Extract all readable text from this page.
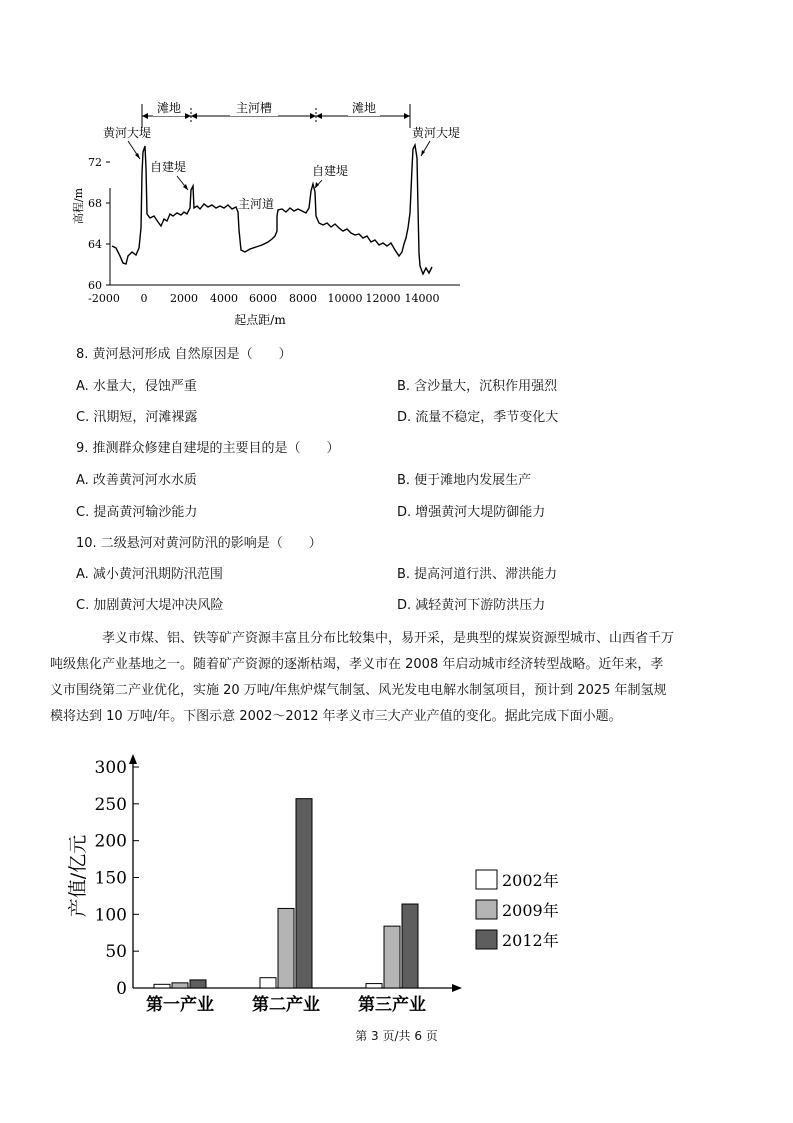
滩地	主河槽	滩地
60
64
68
72
高程/m
-2000 0 2000 4000 6000 8000 10000 12000 14000
起点距/m
黄河大堤
自建堤
主河道
自建堤
黄河大堤
8. 黄河悬河形成 自然原因是（　　）
A. 水量大，侵蚀严重	B. 含沙量大，沉积作用强烈
C. 汛期短，河滩裸露	D. 流量不稳定，季节变化大
9. 推测群众修建自建堤的主要目的是（　　）
A. 改善黄河河水水质	B. 便于滩地内发展生产
C. 提高黄河输沙能力	D. 增强黄河大堤防御能力
10. 二级悬河对黄河防汛的影响是（　　）
A. 减小黄河汛期防汛范围	B. 提高河道行洪、滞洪能力
C. 加剧黄河大堤冲决风险	D. 减轻黄河下游防洪压力
孝义市煤、铝、铁等矿产资源丰富且分布比较集中，易开采，是典型的煤炭资源型城市、山西省千万
吨级焦化产业基地之一。随着矿产资源的逐渐枯竭，孝义市在 2008 年启动城市经济转型战略。近年来，孝
义市围绕第二产业优化，实施 20 万吨/年焦炉煤气制氢、风光发电电解水制氢项目，预计到 2025 年制氢规
模将达到 10 万吨/年。下图示意 2002～2012 年孝义市三大产业产值的变化。据此完成下面小题。
产值/亿元
0
50
100
150
200
250
300
第一产业 第二产业 第三产业
2002年
2009年
2012年
第 3 页/共 6 页
